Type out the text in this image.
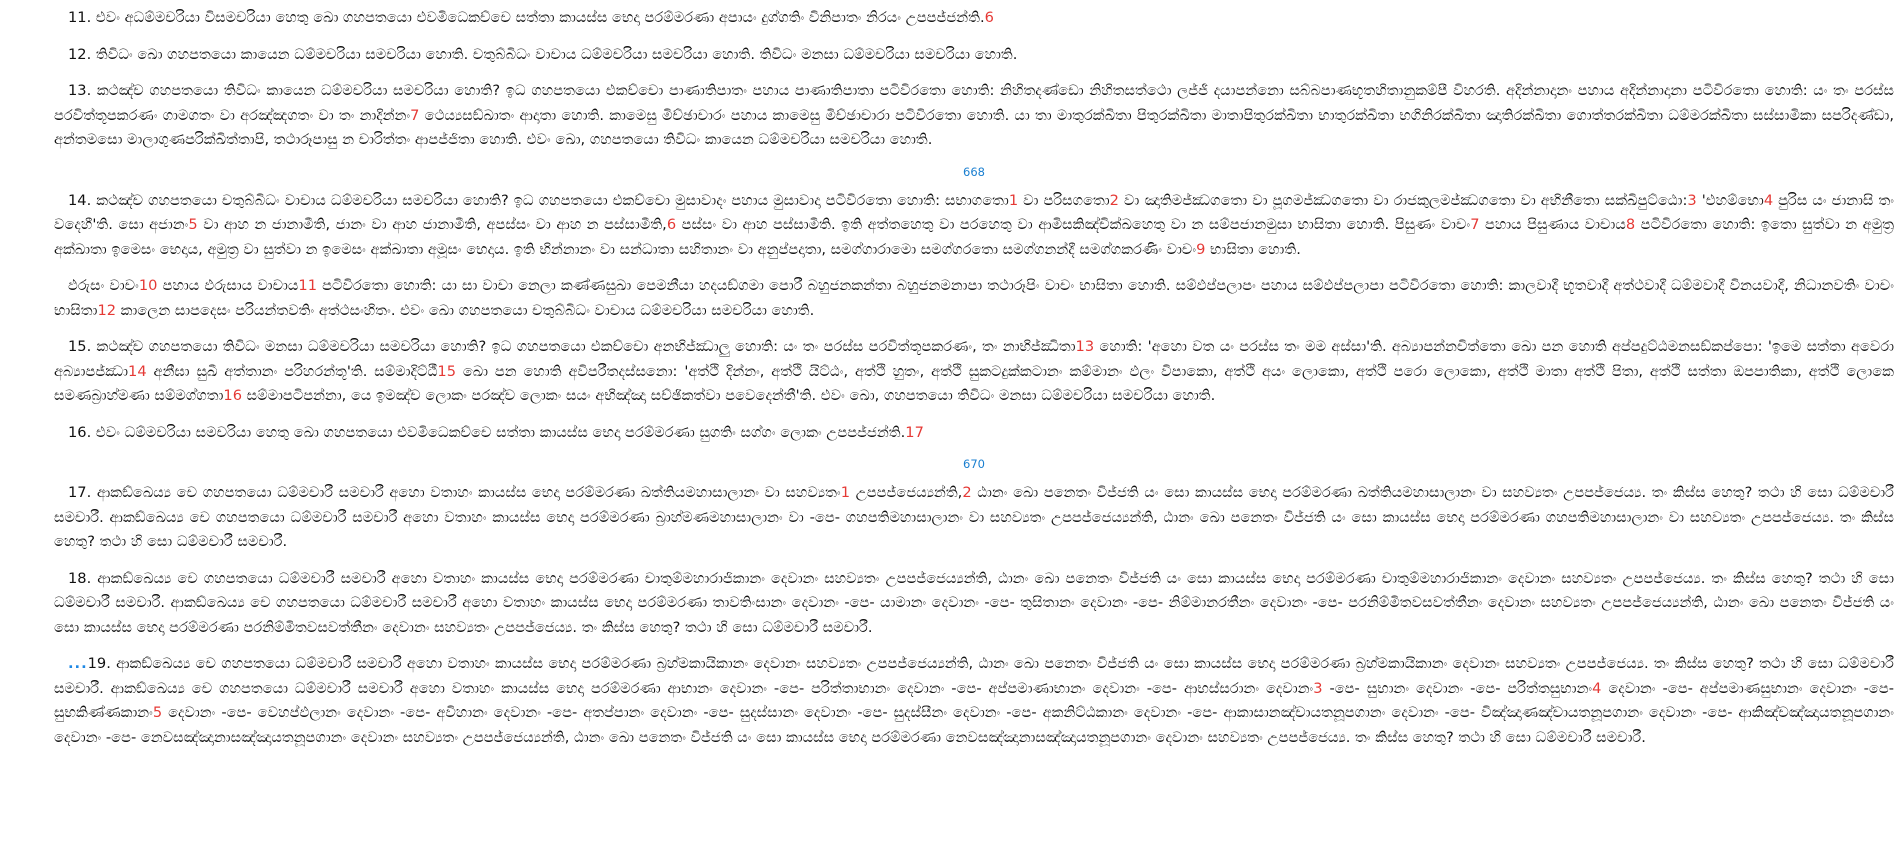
11. එවං අධම්මචරියා විසමචරියා හෙතු ඛො ගහපතයො එවමිධෙකච්චෙ සත්තා කායස්ස භෙදා පරම්මරණා අපායං දුග්ගතිං විනිපාතං නිරයං උපපජ්ජන්ති.6

12. තිවිධං ඛො ගහපතයො කායෙන ධම්මචරියා සමචරියා හොති. චතුබ්බිධං වාචාය ධම්මචරියා සමචරියා හොති. තිවිධං මනසා ධම්මචරියා සමචරියා හොති.

13. කථඤ්ච ගහපතයො තිවිධං කායෙන ධම්මචරියා සමචරියා හොති? ඉධ ගහපතයො එකච්චො පාණාතිපාතං පහාය පාණාතිපාතා පටිවිරතො හොති: නිහිතදණ්ඩො නිහිතසත්ථො ලජ්ජී දයාපන්නො සබ්බපාණභූතහිතානුකම්පී විහරති. අදින්නාදානං පහාය අදින්නාදානා පටිවිරතො හොති: යං තං පරස්ස පරවිත්තූපකරණං ගාමගතං වා අරඤ්ඤගතං වා තං නාදින්නං7 ථෙය්‍යසඞ්ඛාතං ආදාතා හොති. කාමෙසු මිච්ඡාචාරං පහාය කාමෙසු මිච්ඡාචාරා පටිවිරතො හොති. යා තා මාතුරක්ඛිතා පිතුරක්ඛිතා මාතාපිතුරක්ඛිතා භාතුරක්ඛිතා භගිනිරක්ඛිතා ඤාතිරක්ඛිතා ගොත්තරක්ඛිතා ධම්මරක්ඛිතා සස්සාමිකා සපරිදණ්ඩා, අන්තමසො මාලාගුණපරික්ඛිත්තාපි, තථාරූපාසු න චාරිත්තං ආපජ්ජිතා හොති. එවං ඛො, ගහපතයො තිවිධං කායෙන ධම්මචරියා සමචරියා හොති.

668

14. කථඤ්ච ගහපතයො චතුබ්බිධං වාචාය ධම්මචරියා සමචරියා හොති? ඉධ ගහපතයො එකච්චො මුසාවාදං පහාය මුසාවාදා පටිවිරතො හොති: සභාගතො1 වා පරිසගතො2 වා ඤාතිමජ්ඣගතො වා පූගමජ්ඣගතො වා රාජකුලමජ්ඣගතො වා අභිනීතො සක්ඛිපුට්ඨො:3 'එහම්භො4 පුරිස යං ජානාසි තං වදෙහී'ති. සො අජානං5 වා ආහ න ජානාමීති, ජානං වා ආහ ජානාමීති, අපස්සං වා ආහ න පස්සාමීති,6 පස්සං වා ආහ පස්සාමීති. ඉති අත්තහෙතු වා පරහෙතු වා ආමිසකිඤ්චික්ඛහෙතු වා න සම්පජානමුසා භාසිතා හොති. පිසුණං වාචං7 පහාය පිසුණාය වාචාය8 පටිවිරතො හොති: ඉතො සුත්වා න අමුත්‍ර අක්ඛාතා ඉමෙසං භෙදාය, අමුත්‍ර වා සුත්වා න ඉමෙසං අක්ඛාතා අමූසං භෙදාය. ඉති භින්නානං වා සන්ධාතා සහිතානං වා අනුප්පදාතා, සමග්ගාරාමො සමග්ගරතො සමග්ගනන්දී සමග්ගකරණිං වාචං9 භාසිතා හොති.

ඵරුසං වාචං10 පහාය ඵරුසාය වාචාය11 පටිවිරතො හොති: යා සා වාචා නෙලා කණ්ණසුඛා පෙමනීයා හදයඞ්ගමා පොරී බහුජනකන්තා බහුජනමනාපා තථාරූපිං වාචං භාසිතා හොති. සම්ඵප්පලාපං පහාය සම්ඵප්පලාපා පටිවිරතො හොති: කාලවාදී භූතවාදී අත්ථවාදී ධම්මවාදී විනයවාදී, නිධානවතිං වාචං භාසිතා12 කාලෙන සාපදෙසං පරියන්තවතිං අත්ථසංහිතං. එවං ඛො ගහපතයො චතුබ්බිධං වාචාය ධම්මචරියා සමචරියා හොති.

15. කථඤ්ච ගහපතයො තිවිධං මනසා ධම්මචරියා සමචරියා හොති? ඉධ ගහපතයො එකච්චො අනභිජ්ඣාලු හොති: යං තං පරස්ස පරවිත්තූපකරණං, තං නාභිජ්ඣිතා13 හොති: 'අහො වත යං පරස්ස තං මම අස්සා'ති. අබ්‍යාපන්නචිත්තො ඛො පන හොති අප්පදුට්ඨමනසඞ්කප්පො: 'ඉමෙ සත්තා අවෙරා අබ්‍යාපජ්ඣා14 අනීඝා සුඛී අත්තානං පරිහරන්තූ'ති. සම්මාදිට්ඨී15 ඛො පන හොති අවිපරීතදස්සනො: 'අත්ථි දින්නං, අත්ථි යිට්ඨං, අත්ථි හුතං, අත්ථි සුකටදුක්කටානං කම්මානං ඵලං විපාකො, අත්ථි අයං ලොකො, අත්ථි පරො ලොකො, අත්ථි මාතා අත්ථි පිතා, අත්ථි සත්තා ඔපපාතිකා, අත්ථි ලොකෙ සමණබ්‍රාහ්මණා සම්මග්ගතා16 සම්මාපටිපන්නා, යෙ ඉමඤ්ච ලොකං පරඤ්ච ලොකං සයං අභිඤ්ඤා සච්ඡිකත්වා පවෙදෙන්තී'ති. එවං ඛො, ගහපතයො තිවිධං මනසා ධම්මචරියා සමචරියා හොති.

16. එවං ධම්මචරියා සමචරියා හෙතු ඛො ගහපතයො එවමිධෙකච්චෙ සත්තා කායස්ස භෙදා පරම්මරණා සුගතිං සග්ගං ලොකං උපපජ්ජන්ති.17

670

17. ආකඞ්ඛෙය්‍ය චෙ ගහපතයො ධම්මචාරී සමචාරී අහො වතාහං කායස්ස භෙදා පරම්මරණා ඛත්තියමහාසාලානං වා සහව්‍යතං1 උපපජ්ජෙය්‍යන්ති,2 ඨානං ඛො පනෙතං විජ්ජති යං සො කායස්ස භෙදා පරම්මරණා ඛත්තියමහාසාලානං වා සහව්‍යතං උපපජ්ජෙය්‍ය. තං කිස්ස හෙතු? තථා හි සො ධම්මචාරී සමචාරී. ආකඞ්ඛෙය්‍ය චෙ ගහපතයො ධම්මචාරී සමචාරී අහො වතාහං කායස්ස භෙදා පරම්මරණා බ්‍රාහ්මණමහාසාලානං වා -පෙ- ගහපතිමහාසාලානං වා සහව්‍යතං උපපජ්ජෙය්‍යන්ති, ඨානං ඛො පනෙතං විජ්ජති යං සො කායස්ස භෙදා පරම්මරණා ගහපතිමහාසාලානං වා සහව්‍යතං උපපජ්ජෙය්‍ය. තං කිස්ස හෙතු? තථා හි සො ධම්මචාරී සමචාරී.

18. ආකඞ්ඛෙය්‍ය චෙ ගහපතයො ධම්මචාරී සමචාරී අහො වතාහං කායස්ස භෙදා පරම්මරණා චාතුම්මහාරාජිකානං දෙවානං සහව්‍යතං උපපජ්ජෙය්‍යන්ති, ඨානං ඛො පනෙතං විජ්ජති යං සො කායස්ස භෙදා පරම්මරණා චාතුම්මහාරාජිකානං දෙවානං සහව්‍යතං උපපජ්ජෙය්‍ය. තං කිස්ස හෙතු? තථා හි සො ධම්මචාරී සමචාරී. ආකඞ්ඛෙය්‍ය චෙ ගහපතයො ධම්මචාරී සමචාරී අහො වතාහං කායස්ස භෙදා පරම්මරණා තාවතිංසානං දෙවානං -පෙ- යාමානං දෙවානං -පෙ- තුසිතානං දෙවානං -පෙ- නිම්මානරතීනං දෙවානං -පෙ- පරනිම්මිතවසවත්තීනං දෙවානං සහව්‍යතං උපපජ්ජෙය්‍යන්ති, ඨානං ඛො පනෙතං විජ්ජති යං සො කායස්ස භෙදා පරම්මරණා පරනිම්මිතවසවත්තීනං දෙවානං සහව්‍යතං උපපජ්ජෙය්‍ය. තං කිස්ස හෙතු? තථා හි සො ධම්මචාරී සමචාරී.

...19. ආකඞ්ඛෙය්‍ය චෙ ගහපතයො ධම්මචාරී සමචාරී අහො වතාහං කායස්ස භෙදා පරම්මරණා බ්‍රහ්මකායිකානං දෙවානං සහව්‍යතං උපපජ්ජෙය්‍යන්ති, ඨානං ඛො පනෙතං විජ්ජති යං සො කායස්ස භෙදා පරම්මරණා බ්‍රහ්මකායිකානං දෙවානං සහව්‍යතං උපපජ්ජෙය්‍ය. තං කිස්ස හෙතු? තථා හි සො ධම්මචාරී සමචාරී. ආකඞ්ඛෙය්‍ය චෙ ගහපතයො ධම්මචාරී සමචාරී අහො වතාහං කායස්ස භෙදා පරම්මරණා ආභානං දෙවානං -පෙ- පරිත්තාභානං දෙවානං -පෙ- අප්පමාණාභානං දෙවානං -පෙ- ආභස්සරානං දෙවානං3 -පෙ- සුභානං දෙවානං -පෙ- පරිත්තසුභානං4 දෙවානං -පෙ- අප්පමාණසුභානං දෙවානං -පෙ- සුභකිණ්ණකානං5 දෙවානං -පෙ- වෙහප්ඵලානං දෙවානං -පෙ- අවිහානං දෙවානං -පෙ- අතප්පානං දෙවානං -පෙ- සුදස්සානං දෙවානං -පෙ- සුදස්සීනං දෙවානං -පෙ- අකනිට්ඨකානං දෙවානං -පෙ- ආකාසානඤ්චායතනූපගානං දෙවානං -පෙ- විඤ්ඤාණඤ්චායතනූපගානං දෙවානං -පෙ- ආකිඤ්චඤ්ඤායතනූපගානං දෙවානං -පෙ- නෙවසඤ්ඤානාසඤ්ඤායතනූපගානං දෙවානං සහව්‍යතං උපපජ්ජෙය්‍යන්ති, ඨානං ඛො පනෙතං විජ්ජති යං සො කායස්ස භෙදා පරම්මරණා නෙවසඤ්ඤානාසඤ්ඤායතනූපගානං දෙවානං සහව්‍යතං උපපජ්ජෙය්‍ය. තං කිස්ස හෙතු? තථා හි සො ධම්මචාරී සමචාරී.
